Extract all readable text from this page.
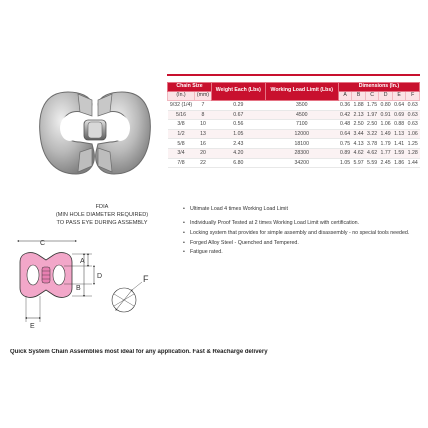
Chain Size		Weight Each (Lbs)	Working Load Limit (Lbs)	Dimensions (In.)					
(In.)	(mm)			A	B	C	D	E	F
9/32 (1/4)	7	0.29	3500	0.36	1.88	1.75	0.80	0.64	0.63
5/16	8	0.67	4500	0.42	2.13	1.97	0.91	0.69	0.63
3/8	10	0.56	7100	0.48	2.50	2.50	1.06	0.88	0.63
1/2	13	1.05	12000	0.64	3.44	3.22	1.49	1.13	1.06
5/8	16	2.43	18100	0.75	4.13	3.78	1.79	1.41	1.25
3/4	20	4.20	28300	0.89	4.62	4.62	1.77	1.59	1.28
7/8	22	6.80	34200	1.05	5.97	5.59	2.45	1.86	1.44
FDIA
(MIN HOLE DIAMETER REQUIRED)
TO PASS EYE DURING ASSEMBLY
C
A
D
B
E
F
• Ultimate Load 4 times Working Load Limit
• Individually Proof Tested at 2 times Working Load Limit with certification.
• Locking system that provides for simple assembly and disassembly - no special tools needed.
• Forged Alloy Steel - Quenched and Tempered.
• Fatigue rated.
Quick System Chain Assemblies most ideal for any application. Fast & Reacharge delivery
